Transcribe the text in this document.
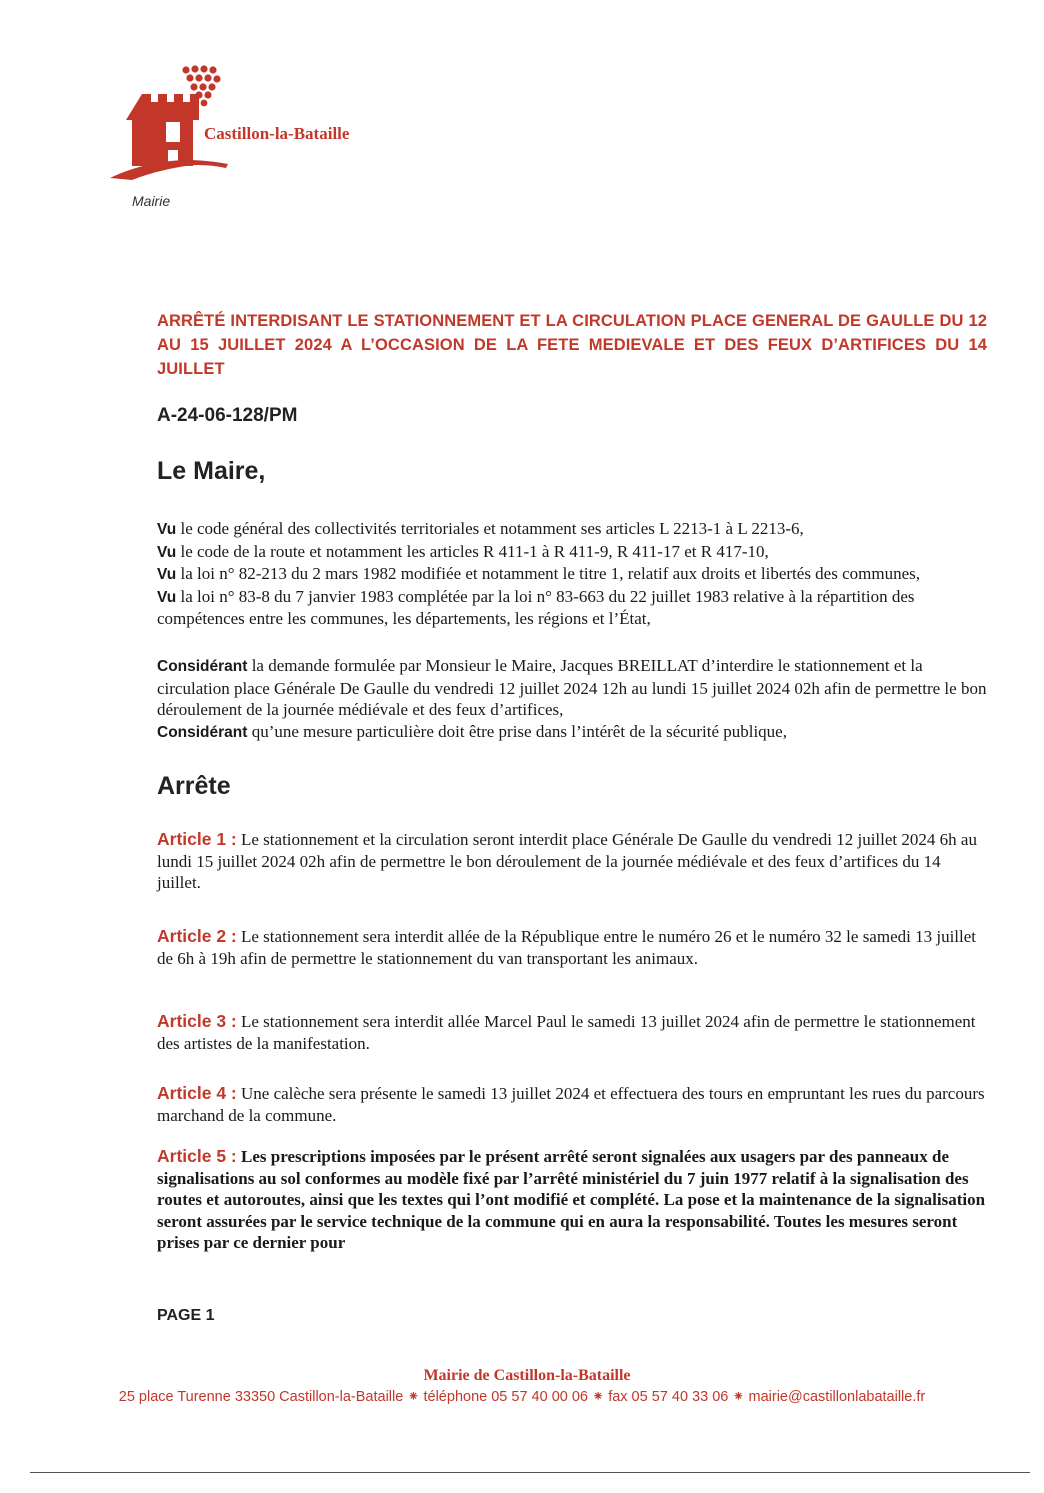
Castillon-la-Bataille
Mairie
ARRÊTÉ INTERDISANT LE STATIONNEMENT ET LA CIRCULATION PLACE GENERAL DE GAULLE DU 12 AU 15 JUILLET 2024 A L’OCCASION DE LA FETE MEDIEVALE ET DES FEUX D’ARTIFICES DU 14 JUILLET
A-24-06-128/PM
Le Maire,

Vu le code général des collectivités territoriales et notamment ses articles L 2213-1 à L 2213-6,

Vu le code de la route et notamment les articles R 411-1 à R 411-9, R 411-17 et R 417-10,

Vu la loi n° 82-213 du 2 mars 1982 modifiée et notamment le titre 1, relatif aux droits et libertés des communes,

Vu la loi n° 83-8 du 7 janvier 1983 complétée par la loi n° 83-663 du 22 juillet 1983 relative à la répartition des compétences entre les communes, les départements, les régions et l’État,

Considérant la demande formulée par Monsieur le Maire, Jacques BREILLAT d’interdire le stationnement et la circulation place Générale De Gaulle du vendredi 12 juillet 2024 12h au lundi 15 juillet 2024 02h afin de permettre le bon déroulement de la journée médiévale et des feux d’artifices,

Considérant qu’une mesure particulière doit être prise dans l’intérêt de la sécurité publique,

Arrête

Article 1 : Le stationnement et la circulation seront interdit place Générale De Gaulle du vendredi 12 juillet 2024 6h au lundi 15 juillet 2024 02h afin de permettre le bon déroulement de la journée médiévale et des feux d’artifices du 14 juillet.

Article 2 : Le stationnement sera interdit allée de la République entre le numéro 26 et le numéro 32 le samedi 13 juillet de 6h à 19h afin de permettre le stationnement du van transportant les animaux.

Article 3 : Le stationnement sera interdit allée Marcel Paul le samedi 13 juillet 2024 afin de permettre le stationnement des artistes de la manifestation.

Article 4 : Une calèche sera présente le samedi 13 juillet 2024 et effectuera des tours en empruntant les rues du parcours marchand de la commune.

Article 5 : Les prescriptions imposées par le présent arrêté seront signalées aux usagers par des panneaux de signalisations au sol conformes au modèle fixé par l’arrêté ministériel du 7 juin 1977 relatif à la signalisation des routes et autoroutes, ainsi que les textes qui l’ont modifié et complété. La pose et la maintenance de la signalisation seront assurées par le service technique de la commune qui en aura la responsabilité. Toutes les mesures seront prises par ce dernier pour

PAGE 1
Mairie de Castillon-la-Bataille
25 place Turenne 33350 Castillon-la-Bataille ⁕ téléphone 05 57 40 00 06 ⁕ fax 05 57 40 33 06 ⁕ mairie@castillonlabataille.fr
